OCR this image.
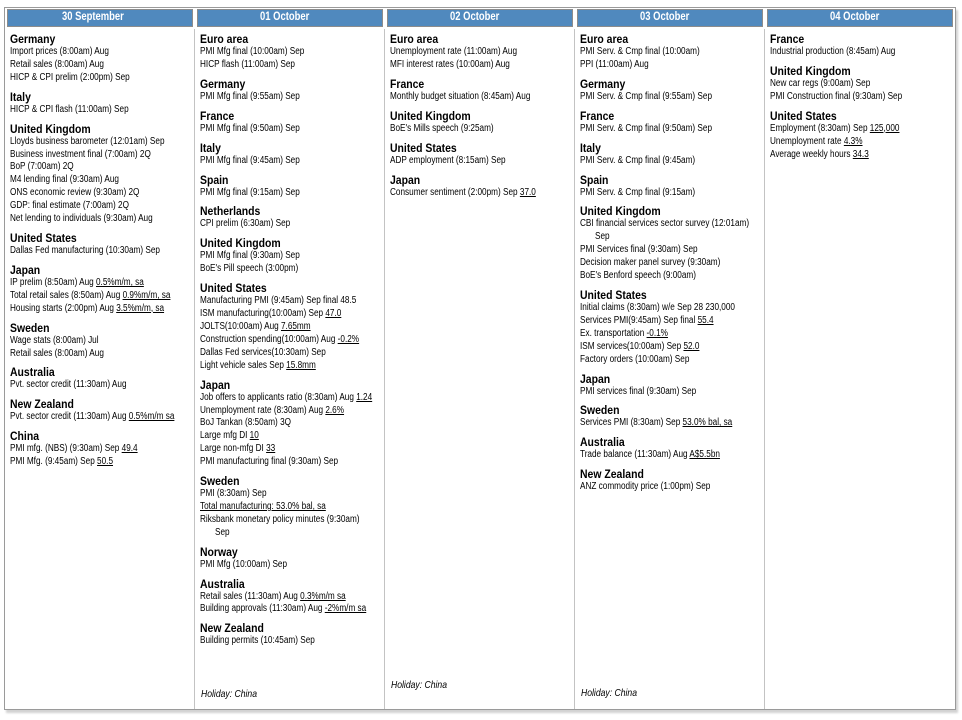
30 September
Germany
Import prices (8:00am) Aug
Retail sales (8:00am) Aug
HICP & CPI prelim (2:00pm) Sep
Italy
HICP & CPI flash (11:00am) Sep
United Kingdom
Lloyds business barometer (12:01am) Sep
Business investment final (7:00am) 2Q
BoP (7:00am) 2Q
M4 lending final (9:30am) Aug
ONS economic review (9:30am) 2Q
GDP: final estimate (7:00am) 2Q
Net lending to individuals (9:30am) Aug
United States
Dallas Fed manufacturing (10:30am) Sep
Japan
IP prelim (8:50am) Aug 0.5%m/m, sa
Total retail sales (8:50am) Aug 0.9%m/m, sa
Housing starts (2:00pm) Aug 3.5%m/m, sa
Sweden
Wage stats (8:00am) Jul
Retail sales (8:00am) Aug
Australia
Pvt. sector credit (11:30am) Aug
New Zealand
Pvt. sector credit (11:30am) Aug 0.5%m/m sa
China
PMI mfg. (NBS) (9:30am) Sep 49.4
PMI Mfg. (9:45am) Sep 50.5
01 October
Euro area
PMI Mfg final (10:00am) Sep
HICP flash (11:00am) Sep
Germany
PMI Mfg final (9:55am) Sep
France
PMI Mfg final (9:50am) Sep
Italy
PMI Mfg final (9:45am) Sep
Spain
PMI Mfg final (9:15am) Sep
Netherlands
CPI prelim (6:30am) Sep
United Kingdom
PMI Mfg final (9:30am) Sep
BoE's Pill speech (3:00pm)
United States
Manufacturing PMI (9:45am) Sep final 48.5
ISM manufacturing(10:00am) Sep 47.0
JOLTS(10:00am) Aug 7.65mm
Construction spending(10:00am) Aug -0.2%
Dallas Fed services(10:30am) Sep
Light vehicle sales Sep 15.8mm
Japan
Job offers to applicants ratio (8:30am) Aug 1.24
Unemployment rate (8:30am) Aug 2.6%
BoJ Tankan (8:50am) 3Q
Large mfg DI 10
Large non-mfg DI 33
PMI manufacturing final (9:30am) Sep
Sweden
PMI (8:30am) Sep
Total manufacturing: 53.0% bal, sa
Riksbank monetary policy minutes (9:30am)
Sep
Norway
PMI Mfg (10:00am) Sep
Australia
Retail sales (11:30am) Aug 0.3%m/m sa
Building approvals (11:30am) Aug -2%m/m sa
New Zealand
Building permits (10:45am) Sep
Holiday: China
02 October
Euro area
Unemployment rate (11:00am) Aug
MFI interest rates (10:00am) Aug
France
Monthly budget situation (8:45am) Aug
United Kingdom
BoE's Mills speech (9:25am)
United States
ADP employment (8:15am) Sep
Japan
Consumer sentiment (2:00pm) Sep 37.0
Holiday: China
03 October
Euro area
PMI Serv. & Cmp final (10:00am)
PPI (11:00am) Aug
Germany
PMI Serv. & Cmp final (9:55am) Sep
France
PMI Serv. & Cmp final (9:50am) Sep
Italy
PMI Serv. & Cmp final (9:45am)
Spain
PMI Serv. & Cmp final (9:15am)
United Kingdom
CBI financial services sector survey (12:01am)
Sep
PMI Services final (9:30am) Sep
Decision maker panel survey (9:30am)
BoE's Benford speech (9:00am)
United States
Initial claims (8:30am) w/e Sep 28 230,000
Services PMI(9:45am) Sep final 55.4
Ex. transportation -0.1%
ISM services(10:00am) Sep 52.0
Factory orders (10:00am) Sep
Japan
PMI services final (9:30am) Sep
Sweden
Services PMI (8:30am) Sep 53.0% bal, sa
Australia
Trade balance (11:30am) Aug A$5.5bn
New Zealand
ANZ commodity price (1:00pm) Sep
Holiday: China
04 October
France
Industrial production (8:45am) Aug
United Kingdom
New car regs (9:00am) Sep
PMI Construction final (9:30am) Sep
United States
Employment (8:30am) Sep 125,000
Unemployment rate 4.3%
Average weekly hours 34.3
